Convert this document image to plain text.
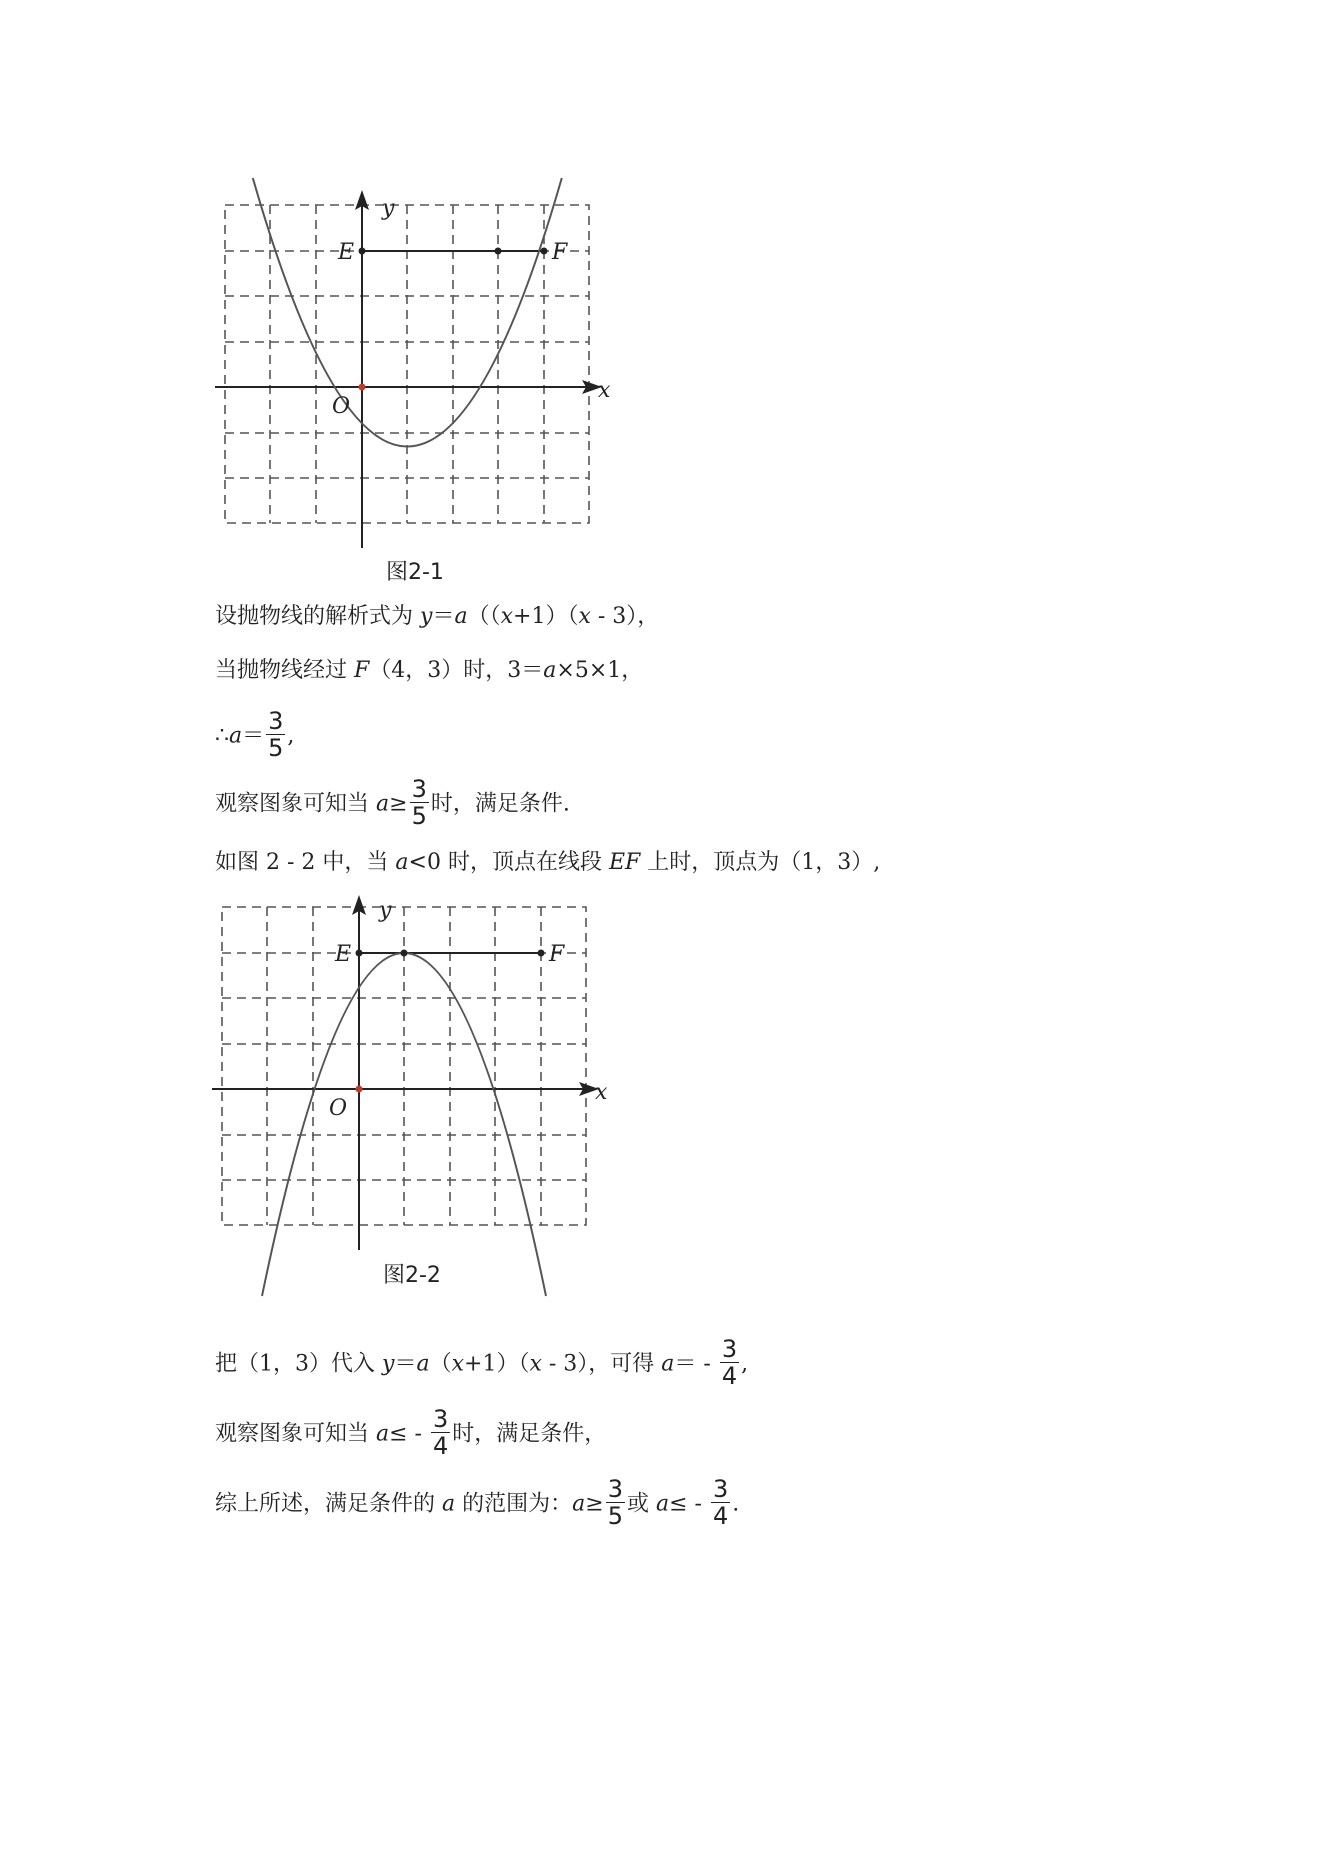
y
x
O
E	F
图2-1
设抛物线的解析式为 y＝a（（x+1）（x - 3），
当抛物线经过 F（4，3）时，3＝a×5×1，
∴a＝ $\frac{3}{5}$ ,
观察图象可知当 $a\ge \frac{3}{5}$ 时，满足条件.
如图 2 - 2 中，当 a<0 时，顶点在线段 EF 上时，顶点为（1，3）,
y
x
O
E	F
图2-2
把（1，3）代入 y＝a（x+1）（x - 3），可得 $a= - \frac{3}{4}$ ,
观察图象可知当 $a\le - \frac{3}{4}$ 时，满足条件，
综上所述，满足条件的 a 的范围为：$a\ge \frac{3}{5}$ 或 $a\le - \frac{3}{4}$ .
